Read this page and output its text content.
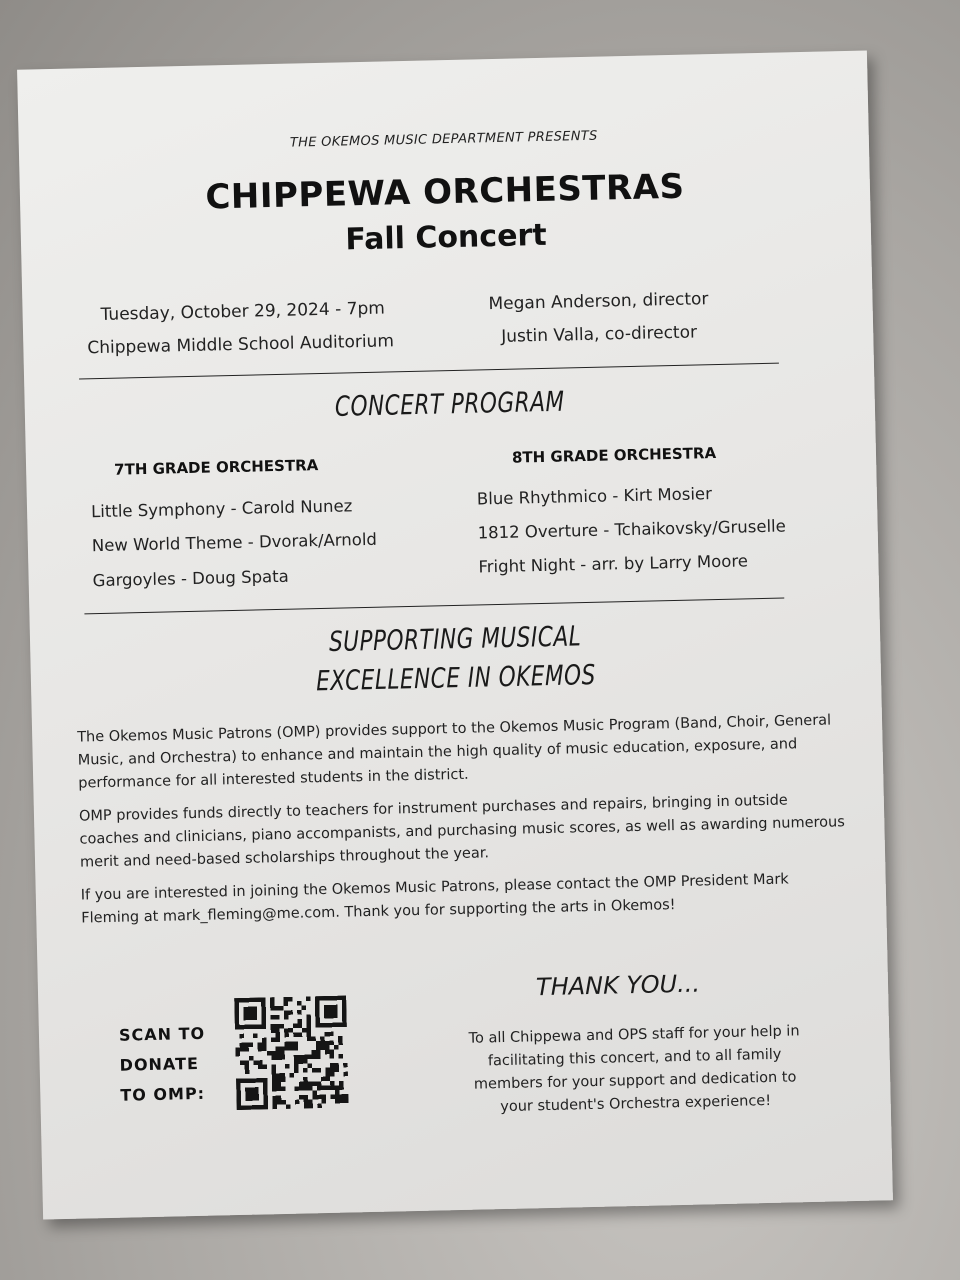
THE OKEMOS MUSIC DEPARTMENT PRESENTS
CHIPPEWA ORCHESTRAS
Fall Concert
Tuesday, October 29, 2024 - 7pm
Chippewa Middle School Auditorium
Megan Anderson, director
Justin Valla, co-director
CONCERT PROGRAM
7TH GRADE ORCHESTRA
Little Symphony - Carold Nunez
New World Theme - Dvorak/Arnold
Gargoyles - Doug Spata
8TH GRADE ORCHESTRA
Blue Rhythmico - Kirt Mosier
1812 Overture - Tchaikovsky/Gruselle
Fright Night - arr. by Larry Moore
SUPPORTING MUSICAL
EXCELLENCE IN OKEMOS
The Okemos Music Patrons (OMP) provides support to the Okemos Music Program (Band, Choir, General Music, and Orchestra) to enhance and maintain the high quality of music education, exposure, and performance for all interested students in the district.
OMP provides funds directly to teachers for instrument purchases and repairs, bringing in outside coaches and clinicians, piano accompanists, and purchasing music scores, as well as awarding numerous merit and need-based scholarships throughout the year.
If you are interested in joining the Okemos Music Patrons, please contact the OMP President Mark Fleming at mark_fleming@me.com. Thank you for supporting the arts in Okemos!
SCAN TO
DONATE
TO OMP:
THANK YOU...
To all Chippewa and OPS staff for your help in facilitating this concert, and to all family members for your support and dedication to your student's Orchestra experience!
